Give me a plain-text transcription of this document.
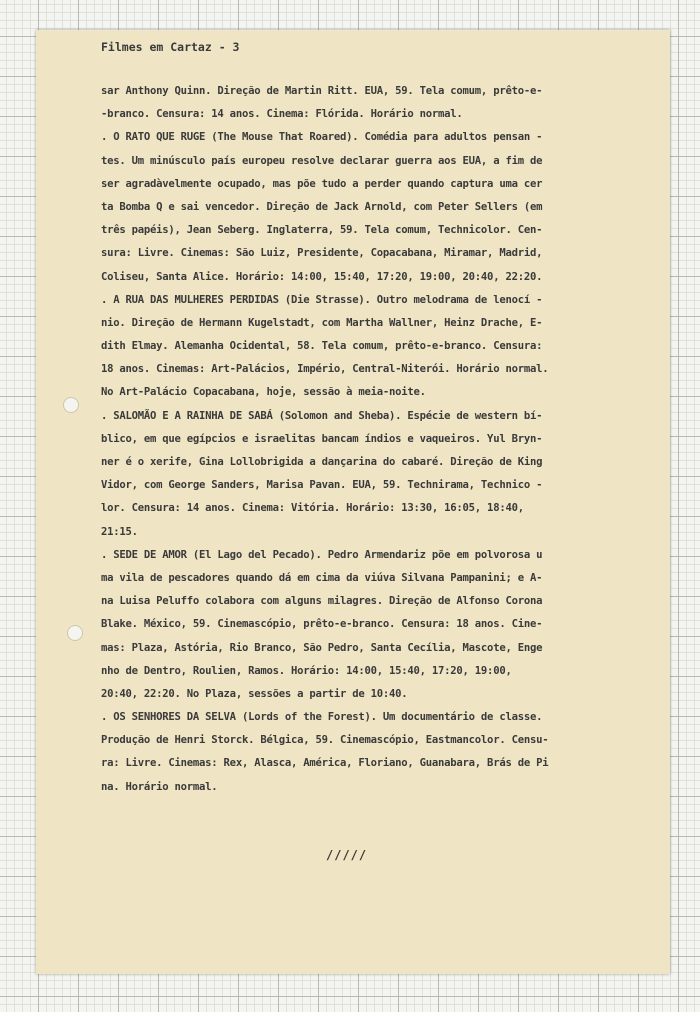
Filmes em Cartaz - 3
sar Anthony Quinn. Direção de Martin Ritt. EUA, 59. Tela comum, prêto-e-
-branco. Censura: 14 anos. Cinema: Flórida. Horário normal.
. O RATO QUE RUGE (The Mouse That Roared). Comédia para adultos pensan -
tes. Um minúsculo país europeu resolve declarar guerra aos EUA, a fim de
ser agradàvelmente ocupado, mas põe tudo a perder quando captura uma cer
ta Bomba Q e sai vencedor. Direção de Jack Arnold, com Peter Sellers (em
três papéis), Jean Seberg. Inglaterra, 59. Tela comum, Technicolor. Cen-
sura: Livre. Cinemas: São Luiz, Presidente, Copacabana, Miramar, Madrid,
Coliseu, Santa Alice. Horário: 14:00, 15:40, 17:20, 19:00, 20:40, 22:20.
. A RUA DAS MULHERES PERDIDAS (Die Strasse). Outro melodrama de lenocí -
nio. Direção de Hermann Kugelstadt, com Martha Wallner, Heinz Drache, E-
dith Elmay. Alemanha Ocidental, 58. Tela comum, prêto-e-branco. Censura:
18 anos. Cinemas: Art-Palácios, Império, Central-Niterói. Horário normal.
No Art-Palácio Copacabana, hoje, sessão à meia-noite.
. SALOMÃO E A RAINHA DE SABÁ (Solomon and Sheba). Espécie de western bí-
blico, em que egípcios e israelitas bancam índios e vaqueiros. Yul Bryn-
ner é o xerife, Gina Lollobrigida a dançarina do cabaré. Direção de King
Vidor, com George Sanders, Marisa Pavan. EUA, 59. Technirama, Technico -
lor. Censura: 14 anos. Cinema: Vitória. Horário: 13:30, 16:05, 18:40,
21:15.
. SEDE DE AMOR (El Lago del Pecado). Pedro Armendariz põe em polvorosa u
ma vila de pescadores quando dá em cima da viúva Silvana Pampanini; e A-
na Luisa Peluffo colabora com alguns milagres. Direção de Alfonso Corona
Blake. México, 59. Cinemascópio, prêto-e-branco. Censura: 18 anos. Cine-
mas: Plaza, Astória, Rio Branco, São Pedro, Santa Cecília, Mascote, Enge
nho de Dentro, Roulien, Ramos. Horário: 14:00, 15:40, 17:20, 19:00,
20:40, 22:20. No Plaza, sessões a partir de 10:40.
. OS SENHORES DA SELVA (Lords of the Forest). Um documentário de classe.
Produção de Henri Storck. Bélgica, 59. Cinemascópio, Eastmancolor. Censu-
ra: Livre. Cinemas: Rex, Alasca, América, Floriano, Guanabara, Brás de Pi
na. Horário normal.
/////
